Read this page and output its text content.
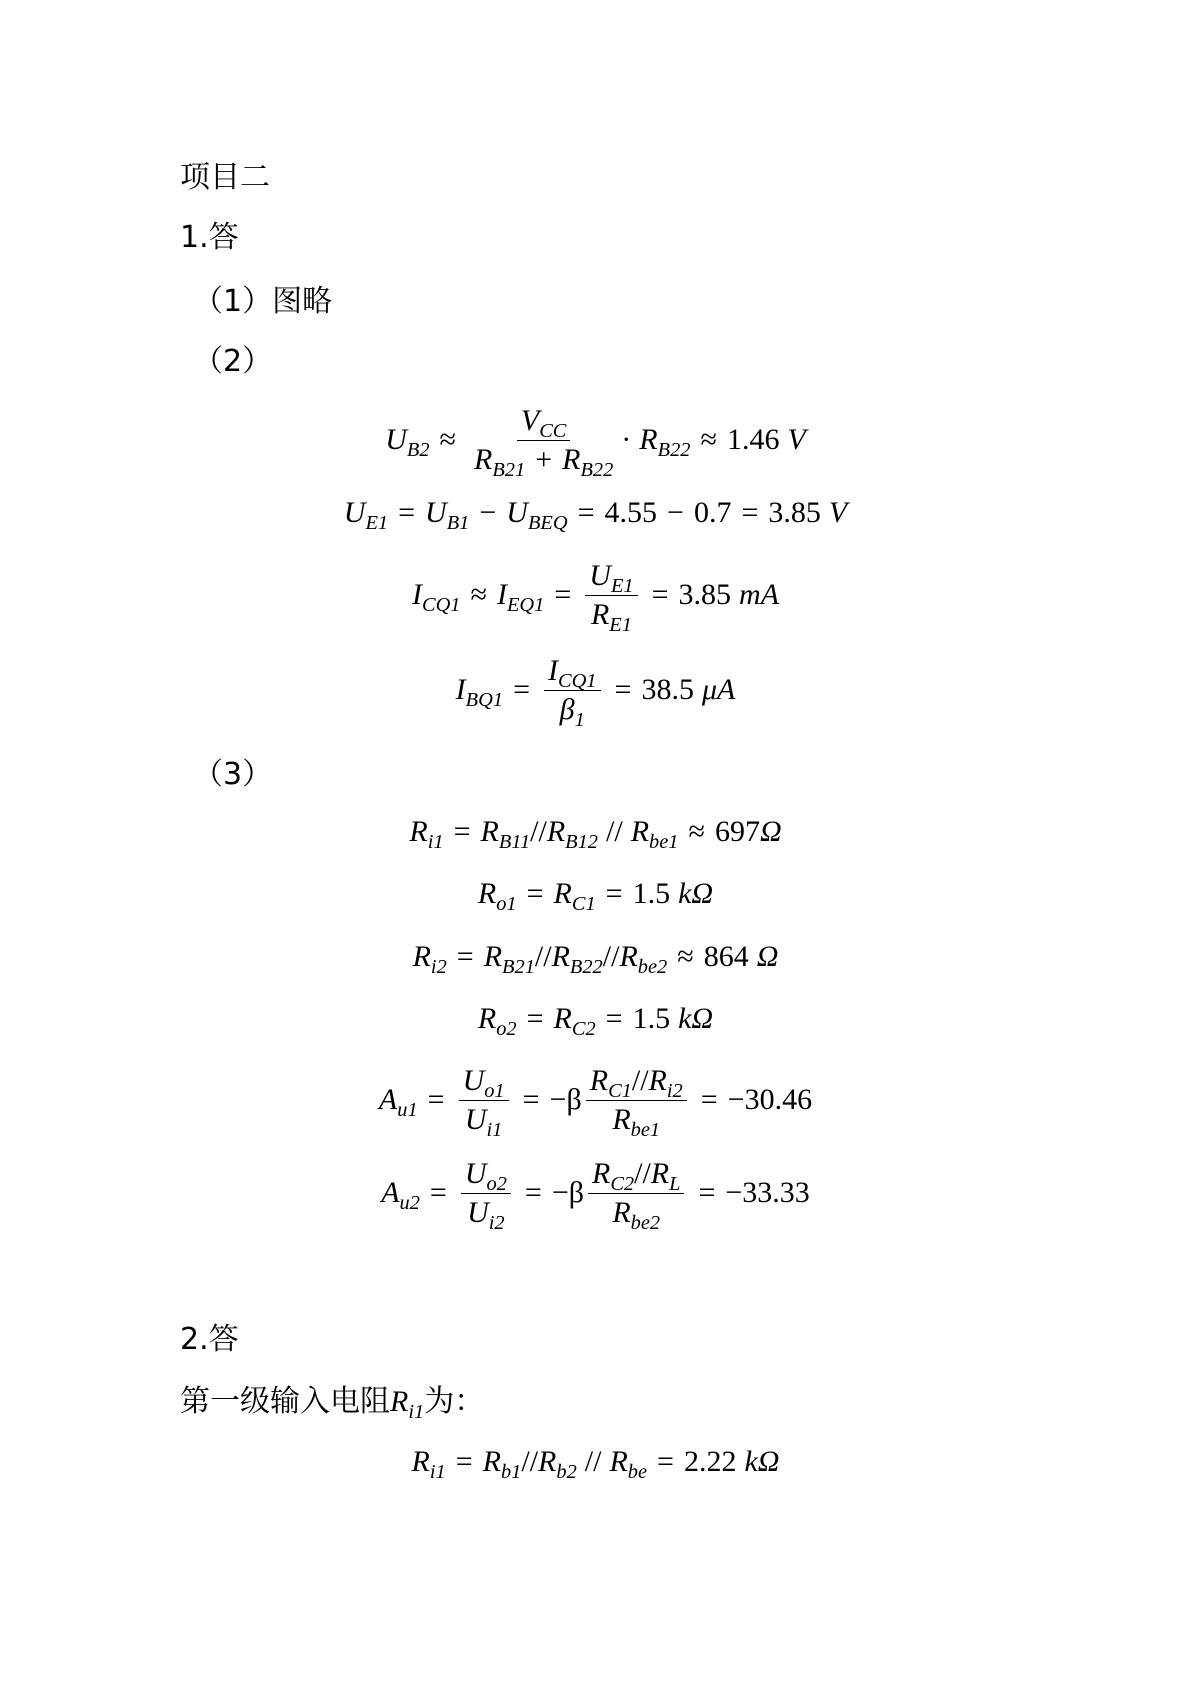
项目二
1.答
（1）图略
（2）
$U_{B2} \approx \frac{V_{CC}}{R_{B21} + R_{B22}} \cdot R_{B22} \approx 1.46$ V
$U_{E1} = U_{B1} - U_{BEQ} = 4.55 - 0.7 = 3.85$ V
$I_{CQ1} \approx I_{EQ1} = \frac{U_{E1}}{R_{E1}} = 3.85$ mA
$I_{BQ1} = \frac{I_{CQ1}}{\beta_1} = 38.5$ μA
（3）
$R_{i1} = R_{B11} // R_{B12} // R_{be1} \approx 697$ Ω
$R_{o1} = R_{C1} = 1.5$ kΩ
$R_{i2} = R_{B21} // R_{B22} // R_{be2} \approx 864$ Ω
$R_{o2} = R_{C2} = 1.5$ kΩ
$A_{u1} = \frac{U_{o1}}{U_{i1}} = -\beta \frac{R_{C1}//R_{i2}}{R_{be1}} = -30.46$
$A_{u2} = \frac{U_{o2}}{U_{i2}} = -\beta \frac{R_{C2}//R_L}{R_{be2}} = -33.33$
2.答
第一级输入电阻$R_{i1}$为：
$R_{i1} = R_{b1} // R_{b2} // R_{be} = 2.22$ kΩ
